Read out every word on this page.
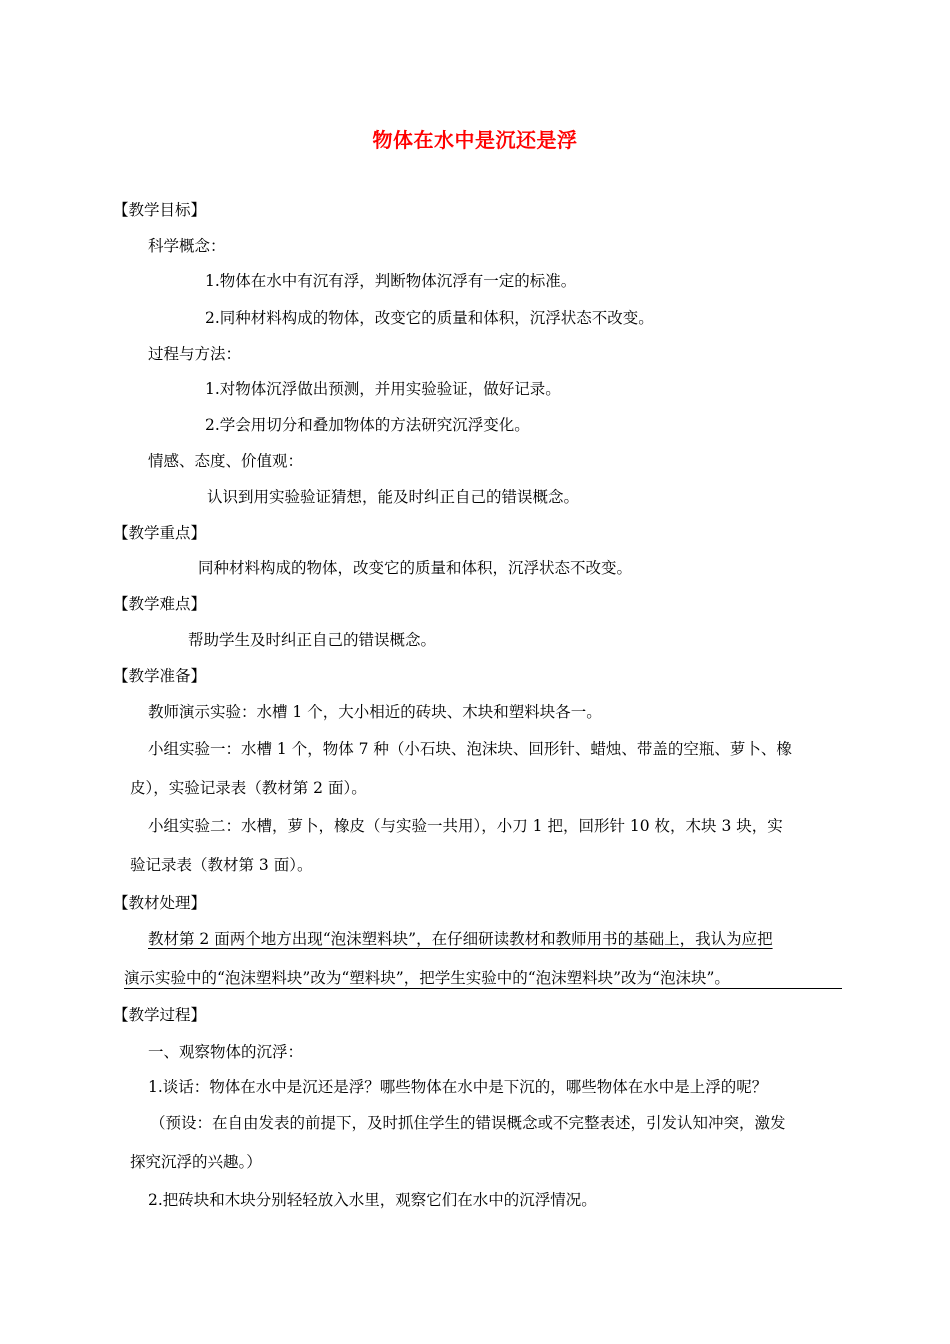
物体在水中是沉还是浮
【教学目标】
科学概念：
1.物体在水中有沉有浮，判断物体沉浮有一定的标准。
2.同种材料构成的物体，改变它的质量和体积，沉浮状态不改变。
过程与方法：
1.对物体沉浮做出预测，并用实验验证，做好记录。
2.学会用切分和叠加物体的方法研究沉浮变化。
情感、态度、价值观：
认识到用实验验证猜想，能及时纠正自己的错误概念。
【教学重点】
同种材料构成的物体，改变它的质量和体积，沉浮状态不改变。
【教学难点】
帮助学生及时纠正自己的错误概念。
【教学准备】
教师演示实验：水槽 1 个，大小相近的砖块、木块和塑料块各一。
小组实验一：水槽 1 个，物体 7 种（小石块、泡沫块、回形针、蜡烛、带盖的空瓶、萝卜、橡
皮），实验记录表（教材第 2 面）。
小组实验二：水槽，萝卜，橡皮（与实验一共用），小刀 1 把，回形针 10 枚，木块 3 块，实
验记录表（教材第 3 面）。
【教材处理】
教材第 2 面两个地方出现“泡沫塑料块”，在仔细研读教材和教师用书的基础上，我认为应把
演示实验中的“泡沫塑料块”改为“塑料块”，把学生实验中的“泡沫塑料块”改为“泡沫块”。
【教学过程】
一、观察物体的沉浮：
1.谈话：物体在水中是沉还是浮？哪些物体在水中是下沉的，哪些物体在水中是上浮的呢？
（预设：在自由发表的前提下，及时抓住学生的错误概念或不完整表述，引发认知冲突，激发
探究沉浮的兴趣。）
2.把砖块和木块分别轻轻放入水里，观察它们在水中的沉浮情况。
